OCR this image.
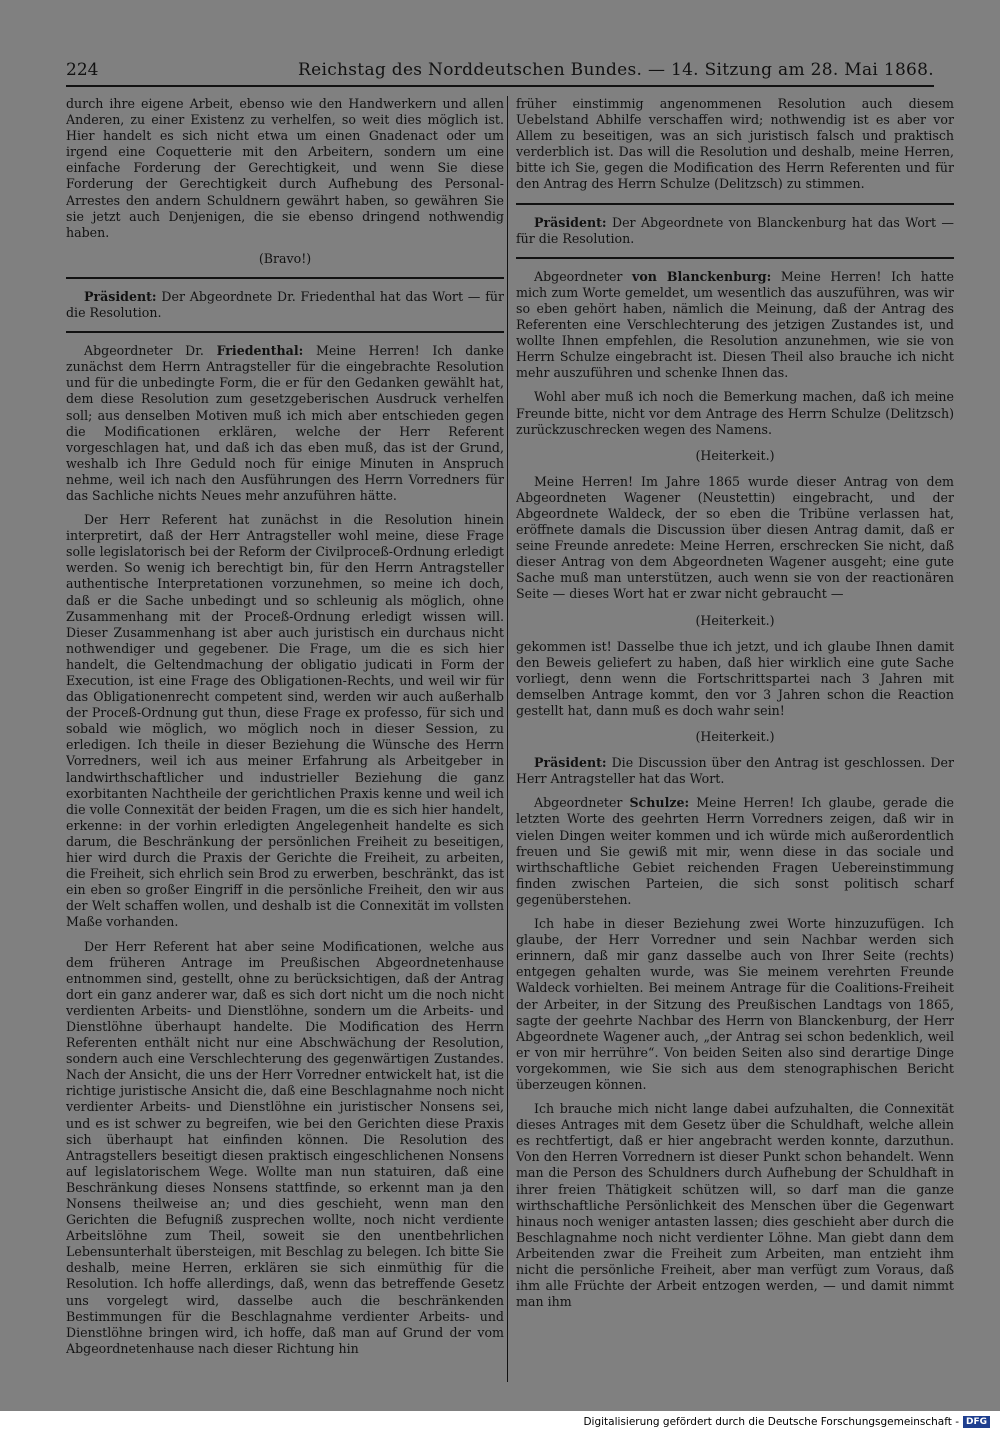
224	Reichstag des Norddeutschen Bundes. — 14. Sitzung am 28. Mai 1868.

durch ihre eigene Arbeit, ebenso wie den Handwerkern und allen Anderen, zu einer Existenz zu verhelfen, so weit dies möglich ist. Hier handelt es sich nicht etwa um einen Gnadenact oder um irgend eine Coquetterie mit den Arbeitern, sondern um eine einfache Forderung der Gerechtigkeit, und wenn Sie diese Forderung der Gerechtigkeit durch Aufhebung des Personal-Arrestes den andern Schuldnern gewährt haben, so gewähren Sie sie jetzt auch Denjenigen, die sie ebenso dringend nothwendig haben.

(Bravo!)

Präsident: Der Abgeordnete Dr. Friedenthal hat das Wort — für die Resolution.

Abgeordneter Dr. Friedenthal: Meine Herren! Ich danke zunächst dem Herrn Antragsteller für die eingebrachte Resolution und für die unbedingte Form, die er für den Gedanken gewählt hat, dem diese Resolution zum gesetzgeberischen Ausdruck verhelfen soll; aus denselben Motiven muß ich mich aber entschieden gegen die Modificationen erklären, welche der Herr Referent vorgeschlagen hat, und daß ich das eben muß, das ist der Grund, weshalb ich Ihre Geduld noch für einige Minuten in Anspruch nehme, weil ich nach den Ausführungen des Herrn Vorredners für das Sachliche nichts Neues mehr anzuführen hätte.

Der Herr Referent hat zunächst in die Resolution hinein interpretirt, daß der Herr Antragsteller wohl meine, diese Frage solle legislatorisch bei der Reform der Civilproceß-Ordnung erledigt werden. So wenig ich berechtigt bin, für den Herrn Antragsteller authentische Interpretationen vorzunehmen, so meine ich doch, daß er die Sache unbedingt und so schleunig als möglich, ohne Zusammenhang mit der Proceß-Ordnung erledigt wissen will. Dieser Zusammenhang ist aber auch juristisch ein durchaus nicht nothwendiger und gegebener. Die Frage, um die es sich hier handelt, die Geltendmachung der obligatio judicati in Form der Execution, ist eine Frage des Obligationen-Rechts, und weil wir für das Obligationenrecht competent sind, werden wir auch außerhalb der Proceß-Ordnung gut thun, diese Frage ex professo, für sich und sobald wie möglich, wo möglich noch in dieser Session, zu erledigen. Ich theile in dieser Beziehung die Wünsche des Herrn Vorredners, weil ich aus meiner Erfahrung als Arbeitgeber in landwirthschaftlicher und industrieller Beziehung die ganz exorbitanten Nachtheile der gerichtlichen Praxis kenne und weil ich die volle Connexität der beiden Fragen, um die es sich hier handelt, erkenne: in der vorhin erledigten Angelegenheit handelte es sich darum, die Beschränkung der persönlichen Freiheit zu beseitigen, hier wird durch die Praxis der Gerichte die Freiheit, zu arbeiten, die Freiheit, sich ehrlich sein Brod zu erwerben, beschränkt, das ist ein eben so großer Eingriff in die persönliche Freiheit, den wir aus der Welt schaffen wollen, und deshalb ist die Connexität im vollsten Maße vorhanden.

Der Herr Referent hat aber seine Modificationen, welche aus dem früheren Antrage im Preußischen Abgeordnetenhause entnommen sind, gestellt, ohne zu berücksichtigen, daß der Antrag dort ein ganz anderer war, daß es sich dort nicht um die noch nicht verdienten Arbeits- und Dienstlöhne, sondern um die Arbeits- und Dienstlöhne überhaupt handelte. Die Modification des Herrn Referenten enthält nicht nur eine Abschwächung der Resolution, sondern auch eine Verschlechterung des gegenwärtigen Zustandes. Nach der Ansicht, die uns der Herr Vorredner entwickelt hat, ist die richtige juristische Ansicht die, daß eine Beschlagnahme noch nicht verdienter Arbeits- und Dienstlöhne ein juristischer Nonsens sei, und es ist schwer zu begreifen, wie bei den Gerichten diese Praxis sich überhaupt hat einfinden können. Die Resolution des Antragstellers beseitigt diesen praktisch eingeschlichenen Nonsens auf legislatorischem Wege. Wollte man nun statuiren, daß eine Beschränkung dieses Nonsens stattfinde, so erkennt man ja den Nonsens theilweise an; und dies geschieht, wenn man den Gerichten die Befugniß zusprechen wollte, noch nicht verdiente Arbeitslöhne zum Theil, soweit sie den unentbehrlichen Lebensunterhalt übersteigen, mit Beschlag zu belegen. Ich bitte Sie deshalb, meine Herren, erklären sie sich einmüthig für die Resolution. Ich hoffe allerdings, daß, wenn das betreffende Gesetz uns vorgelegt wird, dasselbe auch die beschränkenden Bestimmungen für die Beschlagnahme verdienter Arbeits- und Dienstlöhne bringen wird, ich hoffe, daß man auf Grund der vom Abgeordnetenhause nach dieser Richtung hin

früher einstimmig angenommenen Resolution auch diesem Uebelstand Abhilfe verschaffen wird; nothwendig ist es aber vor Allem zu beseitigen, was an sich juristisch falsch und praktisch verderblich ist. Das will die Resolution und deshalb, meine Herren, bitte ich Sie, gegen die Modification des Herrn Referenten und für den Antrag des Herrn Schulze (Delitzsch) zu stimmen.

Präsident: Der Abgeordnete von Blanckenburg hat das Wort — für die Resolution.

Abgeordneter von Blanckenburg: Meine Herren! Ich hatte mich zum Worte gemeldet, um wesentlich das auszuführen, was wir so eben gehört haben, nämlich die Meinung, daß der Antrag des Referenten eine Verschlechterung des jetzigen Zustandes ist, und wollte Ihnen empfehlen, die Resolution anzunehmen, wie sie von Herrn Schulze eingebracht ist. Diesen Theil also brauche ich nicht mehr auszuführen und schenke Ihnen das.

Wohl aber muß ich noch die Bemerkung machen, daß ich meine Freunde bitte, nicht vor dem Antrage des Herrn Schulze (Delitzsch) zurückzuschrecken wegen des Namens.

(Heiterkeit.)

Meine Herren! Im Jahre 1865 wurde dieser Antrag von dem Abgeordneten Wagener (Neustettin) eingebracht, und der Abgeordnete Waldeck, der so eben die Tribüne verlassen hat, eröffnete damals die Discussion über diesen Antrag damit, daß er seine Freunde anredete: Meine Herren, erschrecken Sie nicht, daß dieser Antrag von dem Abgeordneten Wagener ausgeht; eine gute Sache muß man unterstützen, auch wenn sie von der reactionären Seite — dieses Wort hat er zwar nicht gebraucht —

(Heiterkeit.)

gekommen ist! Dasselbe thue ich jetzt, und ich glaube Ihnen damit den Beweis geliefert zu haben, daß hier wirklich eine gute Sache vorliegt, denn wenn die Fortschrittspartei nach 3 Jahren mit demselben Antrage kommt, den vor 3 Jahren schon die Reaction gestellt hat, dann muß es doch wahr sein!

(Heiterkeit.)

Präsident: Die Discussion über den Antrag ist geschlossen. Der Herr Antragsteller hat das Wort.

Abgeordneter Schulze: Meine Herren! Ich glaube, gerade die letzten Worte des geehrten Herrn Vorredners zeigen, daß wir in vielen Dingen weiter kommen und ich würde mich außerordentlich freuen und Sie gewiß mit mir, wenn diese in das sociale und wirthschaftliche Gebiet reichenden Fragen Uebereinstimmung finden zwischen Parteien, die sich sonst politisch scharf gegenüberstehen.

Ich habe in dieser Beziehung zwei Worte hinzuzufügen. Ich glaube, der Herr Vorredner und sein Nachbar werden sich erinnern, daß mir ganz dasselbe auch von Ihrer Seite (rechts) entgegen gehalten wurde, was Sie meinem verehrten Freunde Waldeck vorhielten. Bei meinem Antrage für die Coalitions-Freiheit der Arbeiter, in der Sitzung des Preußischen Landtags von 1865, sagte der geehrte Nachbar des Herrn von Blanckenburg, der Herr Abgeordnete Wagener auch, „der Antrag sei schon bedenklich, weil er von mir herrühre“. Von beiden Seiten also sind derartige Dinge vorgekommen, wie Sie sich aus dem stenographischen Bericht überzeugen können.

Ich brauche mich nicht lange dabei aufzuhalten, die Connexität dieses Antrages mit dem Gesetz über die Schuldhaft, welche allein es rechtfertigt, daß er hier angebracht werden konnte, darzuthun. Von den Herren Vorrednern ist dieser Punkt schon behandelt. Wenn man die Person des Schuldners durch Aufhebung der Schuldhaft in ihrer freien Thätigkeit schützen will, so darf man die ganze wirthschaftliche Persönlichkeit des Menschen über die Gegenwart hinaus noch weniger antasten lassen; dies geschieht aber durch die Beschlagnahme noch nicht verdienter Löhne. Man giebt dann dem Arbeitenden zwar die Freiheit zum Arbeiten, man entzieht ihm nicht die persönliche Freiheit, aber man verfügt zum Voraus, daß ihm alle Früchte der Arbeit entzogen werden, — und damit nimmt man ihm

Digitalisierung gefördert durch die Deutsche Forschungsgemeinschaft - DFG
